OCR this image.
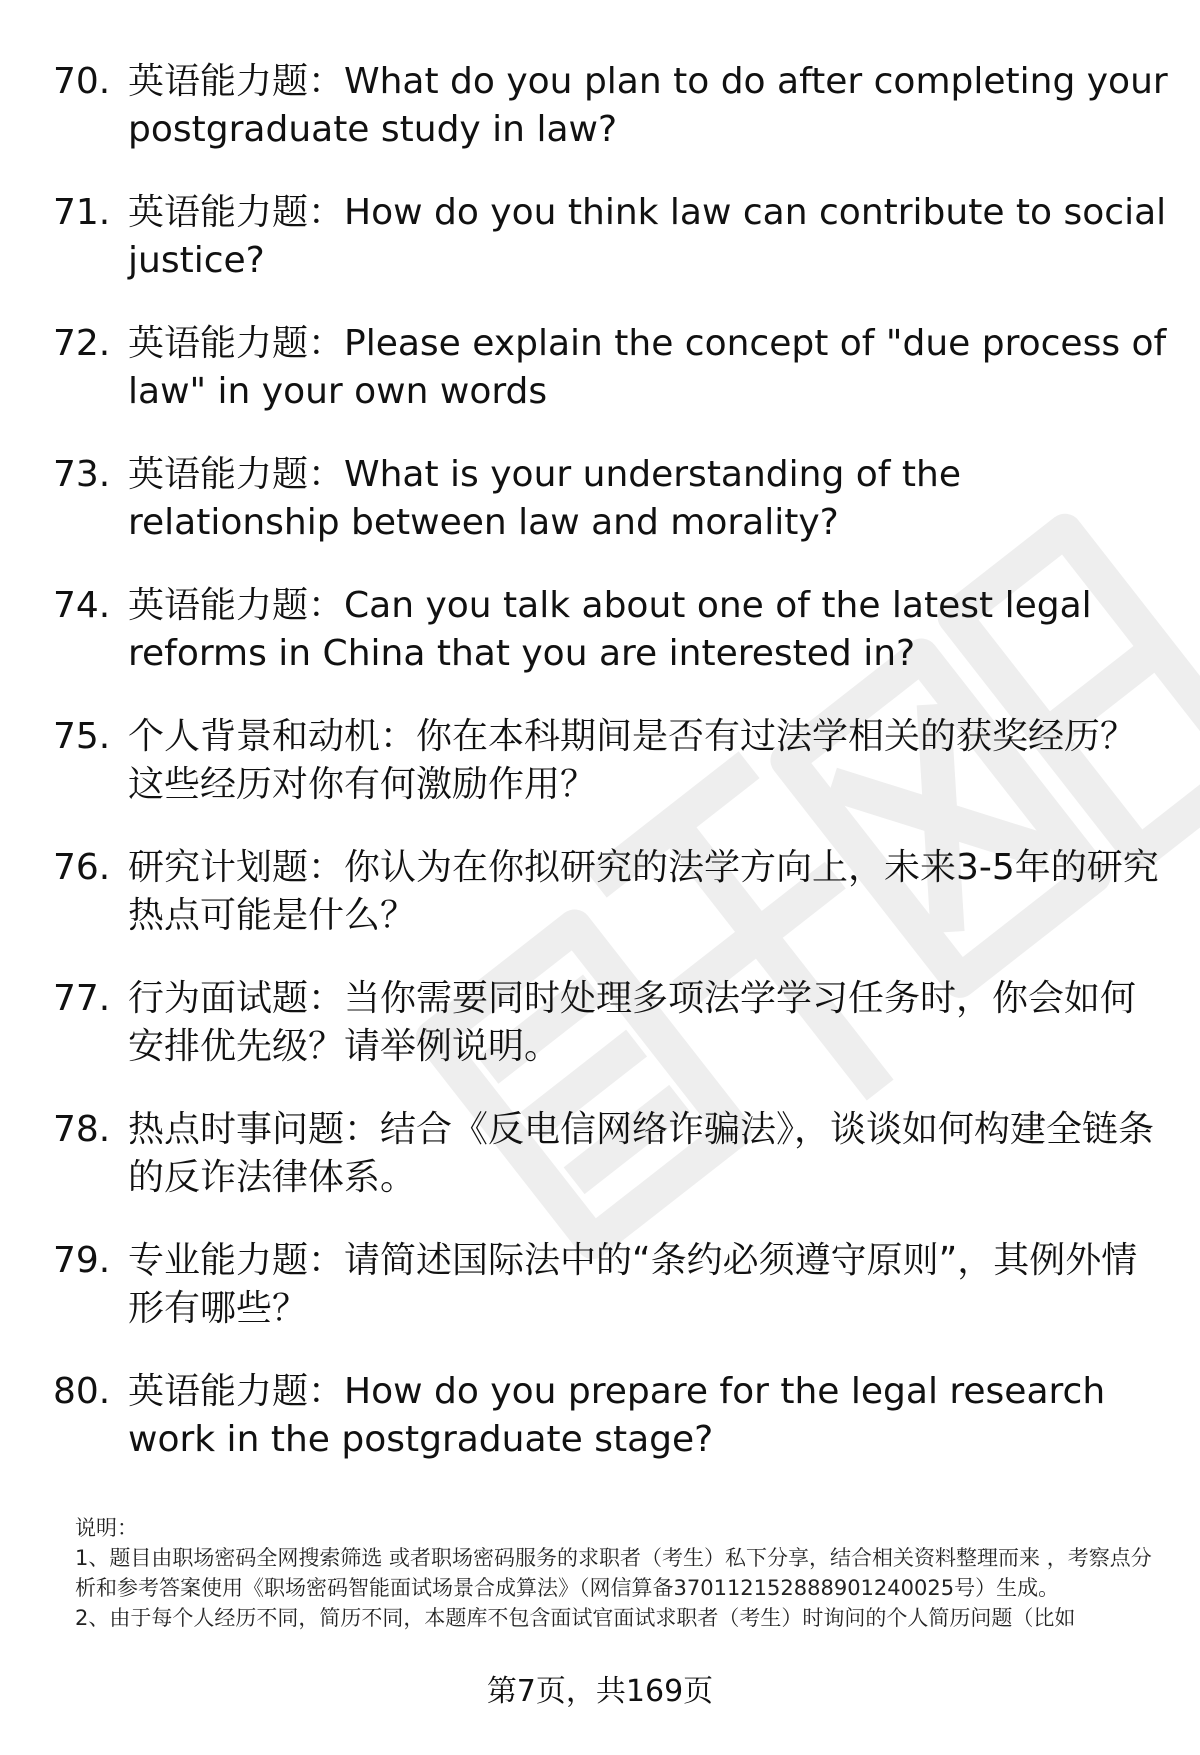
70. 英语能力题：What do you plan to do after completing your postgraduate study in law?
71. 英语能力题：How do you think law can contribute to social justice?
72. 英语能力题：Please explain the concept of "due process of law" in your own words
73. 英语能力题：What is your understanding of the relationship between law and morality?
74. 英语能力题：Can you talk about one of the latest legal reforms in China that you are interested in?
75. 个人背景和动机：你在本科期间是否有过法学相关的获奖经历？这些经历对你有何激励作用？
76. 研究计划题：你认为在你拟研究的法学方向上，未来3-5年的研究热点可能是什么？
77. 行为面试题：当你需要同时处理多项法学学习任务时，你会如何安排优先级？请举例说明。
78. 热点时事问题：结合《反电信网络诈骗法》，谈谈如何构建全链条的反诈法律体系。
79. 专业能力题：请简述国际法中的“条约必须遵守原则”，其例外情形有哪些？
80. 英语能力题：How do you prepare for the legal research work in the postgraduate stage?

说明：

1、题目由职场密码全网搜索筛选 或者职场密码服务的求职者（考生）私下分享，结合相关资料整理而来 ，考察点分析和参考答案使用《职场密码智能面试场景合成算法》（网信算备370112152888901240025号）生成。

2、由于每个人经历不同，简历不同，本题库不包含面试官面试求职者（考生）时询问的个人简历问题（比如

第7页，共169页
